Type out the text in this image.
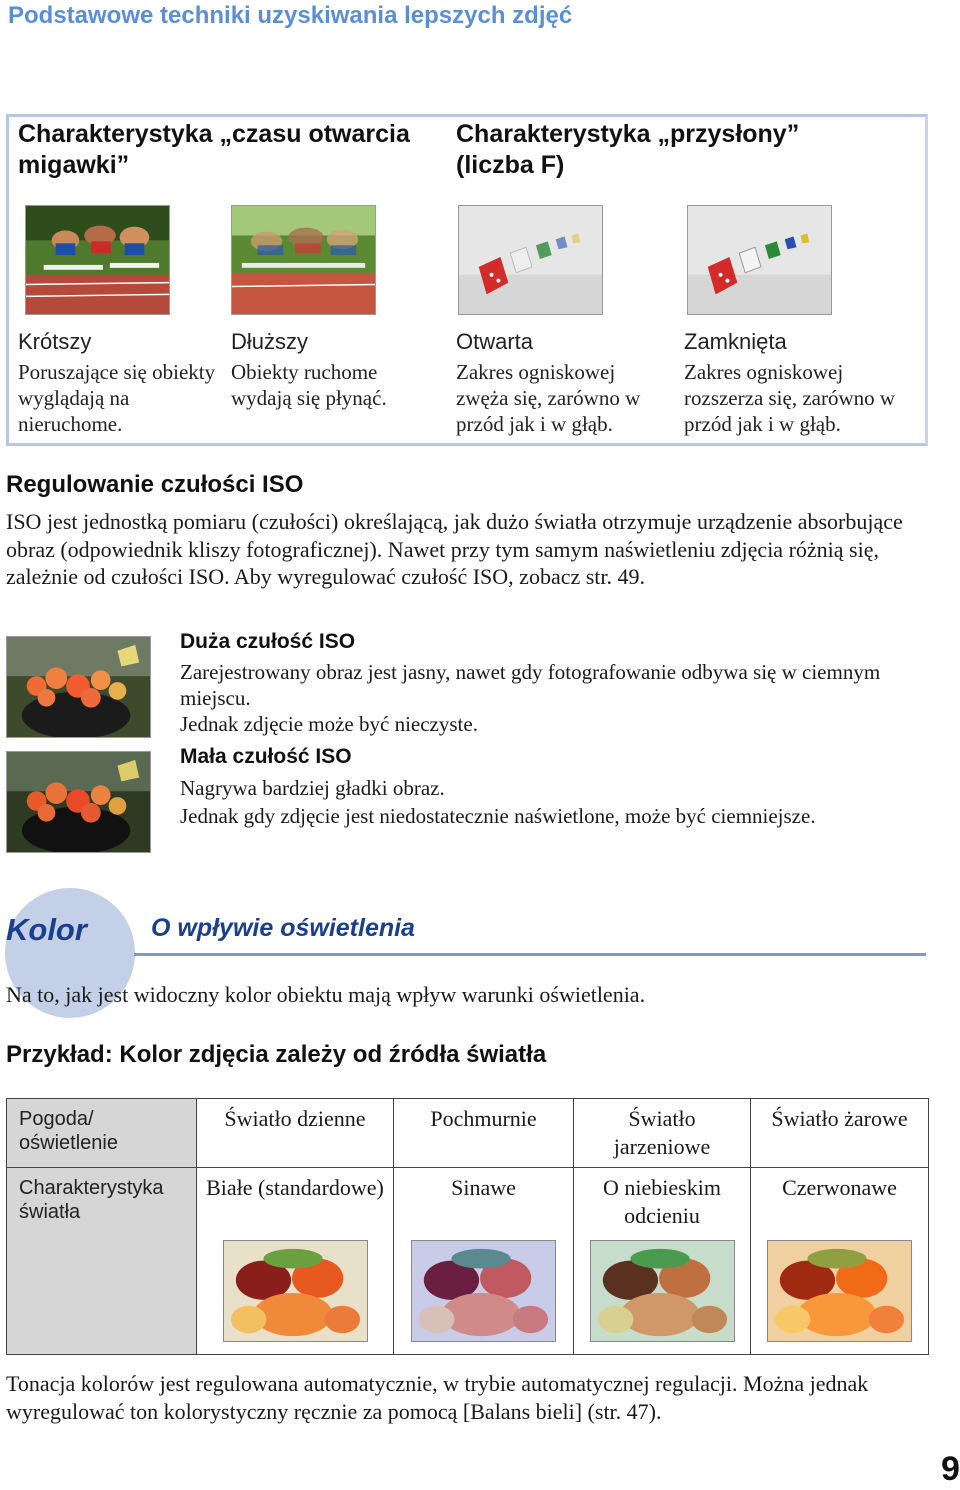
Podstawowe techniki uzyskiwania lepszych zdjęć
Charakterystyka „czasu otwarcia migawki”
Charakterystyka „przysłony” (liczba F)
Krótszy
Poruszające się obiekty wyglądają na nieruchome.
Dłuższy
Obiekty ruchome wydają się płynąć.
Otwarta
Zakres ogniskowej zwęża się, zarówno w przód jak i w głąb.
Zamknięta
Zakres ogniskowej rozszerza się, zarówno w przód jak i w głąb.
Regulowanie czułości ISO
ISO jest jednostką pomiaru (czułości) określającą, jak dużo światła otrzymuje urządzenie absorbujące obraz (odpowiednik kliszy fotograficznej). Nawet przy tym samym naświetleniu zdjęcia różnią się, zależnie od czułości ISO. Aby wyregulować czułość ISO, zobacz str. 49.
Duża czułość ISO
Zarejestrowany obraz jest jasny, nawet gdy fotografowanie odbywa się w ciemnym miejscu.
Jednak zdjęcie może być nieczyste.
Mała czułość ISO
Nagrywa bardziej gładki obraz.
Jednak gdy zdjęcie jest niedostatecznie naświetlone, może być ciemniejsze.
Kolor	O wpływie oświetlenia
Na to, jak jest widoczny kolor obiektu mają wpływ warunki oświetlenia.
Przykład: Kolor zdjęcia zależy od źródła światła
Pogoda/ oświetlenie	Światło dzienne	Pochmurnie	Światło jarzeniowe	Światło żarowe
Charakterystyka światła	Białe (standardowe)	Sinawe	O niebieskim odcieniu	Czerwonawe
Tonacja kolorów jest regulowana automatycznie, w trybie automatycznej regulacji. Można jednak wyregulować ton kolorystyczny ręcznie za pomocą [Balans bieli] (str. 47).
9
